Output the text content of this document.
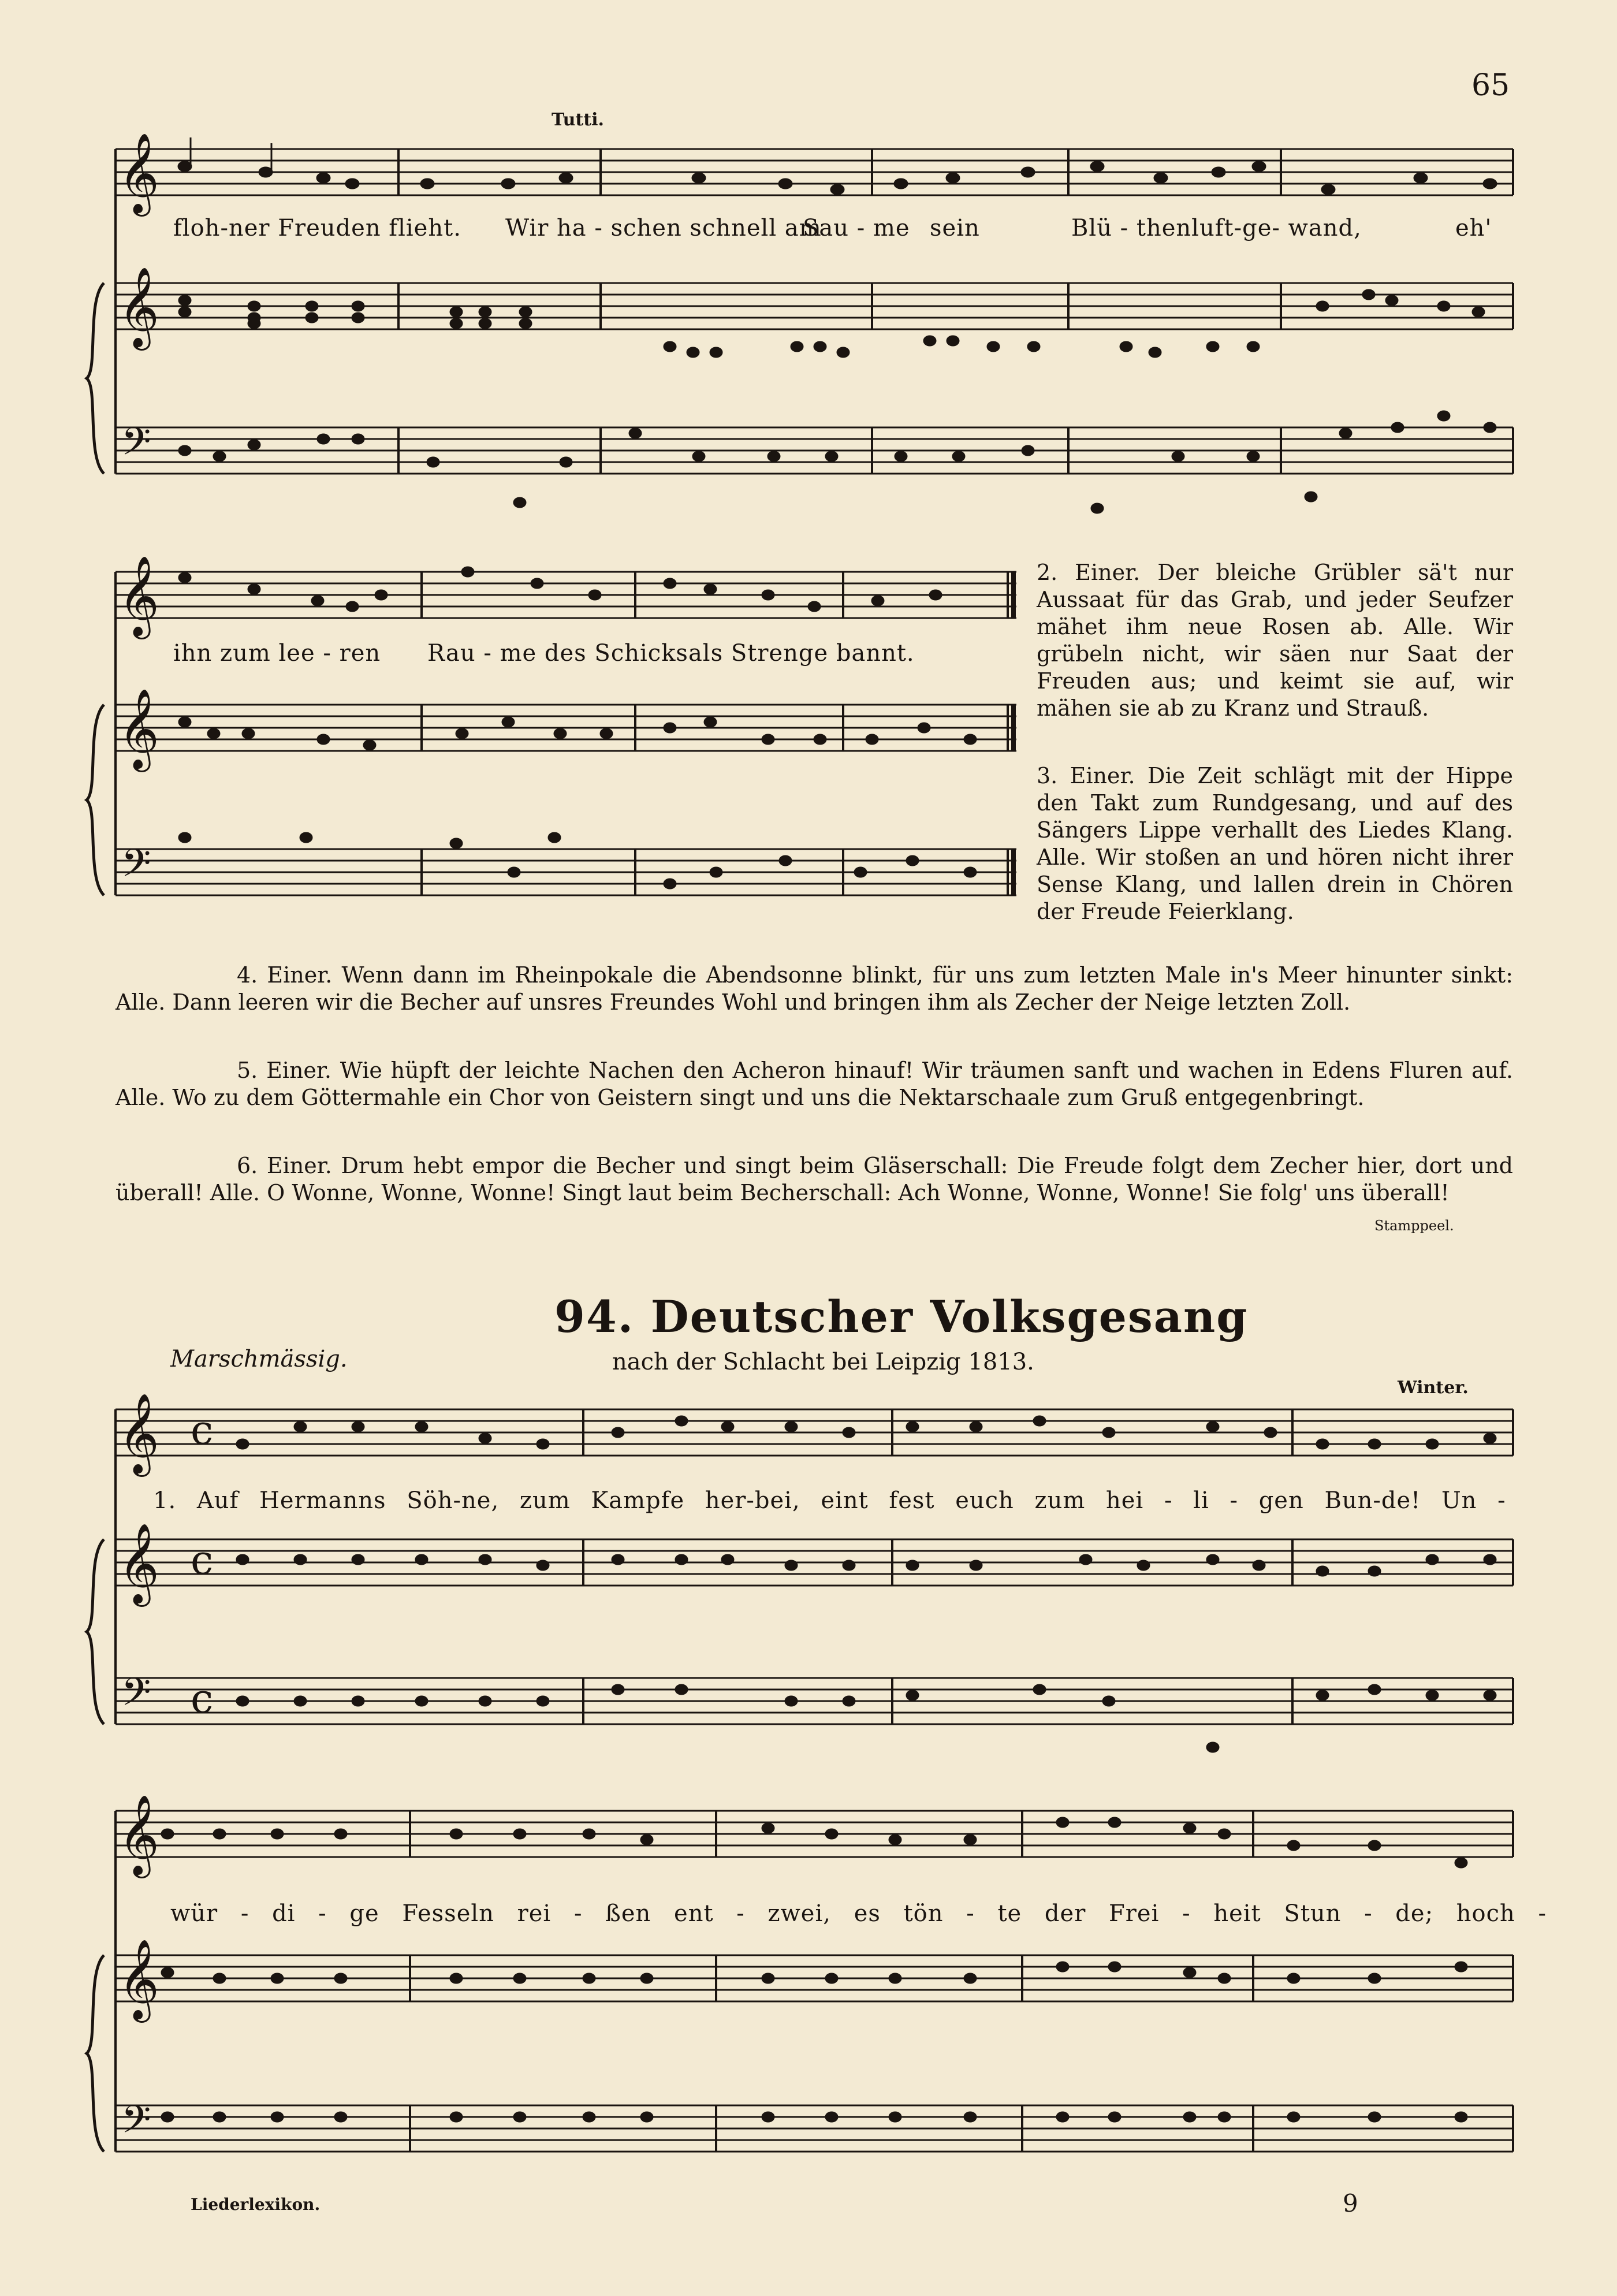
65
Liederlexikon.	9
Tutti.
𝄞
𝄞
𝄢
𝄞
𝄞
𝄢
𝄞
𝄞
𝄢
𝄞
𝄞
𝄢
c
c
c
floh-ner Freuden flieht. Wir ha - schen schnell am
Sau - me sein	Blü - thenluft-ge- wand,	eh'
ihn zum lee - ren Rau - me des Schicksals Strenge bannt.
2. Einer. Der bleiche Grübler sä't nur Aussaat für das Grab, und jeder Seufzer mähet ihm neue Rosen ab. Alle. Wir grübeln nicht, wir säen nur Saat der Freuden aus; und keimt sie auf, wir mähen sie ab zu Kranz und Strauß.
3. Einer. Die Zeit schlägt mit der Hippe den Takt zum Rundgesang, und auf des Sängers Lippe verhallt des Liedes Klang. Alle. Wir stoßen an und hören nicht ihrer Sense Klang, und lallen drein in Chören der Freude Feierklang.
4. Einer. Wenn dann im Rheinpokale die Abendsonne blinkt, für uns zum letzten Male in's Meer hinunter sinkt: Alle. Dann leeren wir die Becher auf unsres Freundes Wohl und bringen ihm als Zecher der Neige letzten Zoll.
5. Einer. Wie hüpft der leichte Nachen den Acheron hinauf! Wir träumen sanft und wachen in Edens Fluren auf. Alle. Wo zu dem Göttermahle ein Chor von Geistern singt und uns die Nektarschaale zum Gruß entgegenbringt.
6. Einer. Drum hebt empor die Becher und singt beim Gläserschall: Die Freude folgt dem Zecher hier, dort und überall! Alle. O Wonne, Wonne, Wonne! Singt laut beim Becherschall: Ach Wonne, Wonne, Wonne! Sie folg' uns überall!
Stamppeel.
94. Deutscher Volksgesang
nach der Schlacht bei Leipzig 1813.
Marschmässig.
Winter.
1. Auf Hermanns Söh-ne, zum Kampfe her-bei, eint fest euch zum hei - li - gen Bun-de! Un -
wür - di - ge Fesseln rei - ßen ent - zwei, es tön - te der Frei - heit Stun - de; hoch -
